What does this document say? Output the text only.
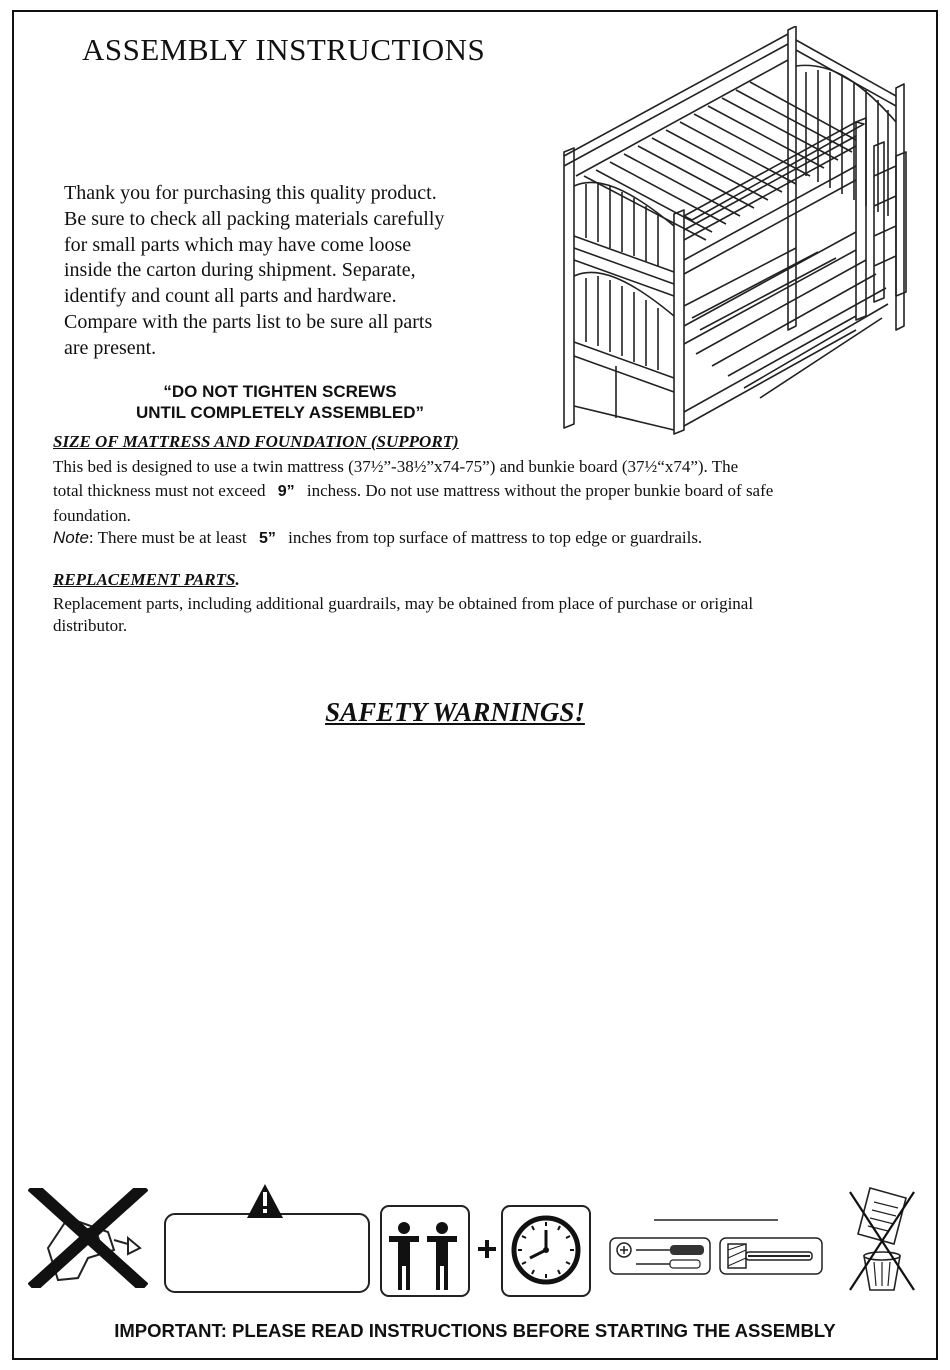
ASSEMBLY INSTRUCTIONS

Thank you for purchasing this quality product.
Be sure to check all packing materials carefully
for small parts which may have come loose
inside the carton during shipment. Separate,
identify and count all parts and hardware.
Compare with the parts list to be sure all parts
are present.

“DO NOT TIGHTEN SCREWS
UNTIL COMPLETELY ASSEMBLED”
SIZE OF MATTRESS AND FOUNDATION (SUPPORT)
This bed is designed to use a twin mattress (37½”-38½”x74-75”) and bunkie board (37½“x74”). The
total thickness must not exceed 9” inchess. Do not use mattress without the proper bunkie board of safe
foundation.
Note: There must be at least 5” inches from top surface of mattress to top edge or guardrails.
REPLACEMENT PARTS.
Replacement parts, including additional guardrails, may be obtained from place of purchase or original
distributor.
SAFETY WARNINGS!
IMPORTANT: PLEASE READ INSTRUCTIONS BEFORE STARTING THE ASSEMBLY
